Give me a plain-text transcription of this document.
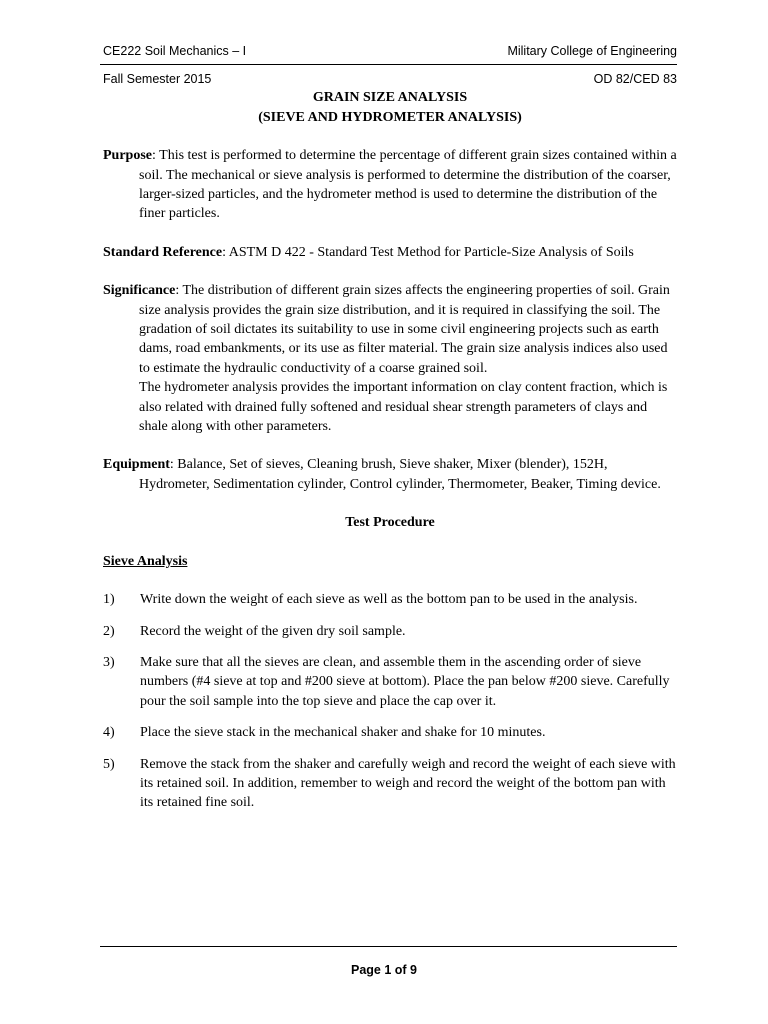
CE222 Soil Mechanics – I	Military College of Engineering
Fall Semester 2015	OD 82/CED 83

GRAIN SIZE ANALYSIS

(SIEVE AND HYDROMETER ANALYSIS)

Purpose: This test is performed to determine the percentage of different grain sizes contained within a soil. The mechanical or sieve analysis is performed to determine the distribution of the coarser, larger-sized particles, and the hydrometer method is used to determine the distribution of the finer particles.

Standard Reference: ASTM D 422 - Standard Test Method for Particle-Size Analysis of Soils

Significance: The distribution of different grain sizes affects the engineering properties of soil. Grain size analysis provides the grain size distribution, and it is required in classifying the soil. The gradation of soil dictates its suitability to use in some civil engineering projects such as earth dams, road embankments, or its use as filter material. The grain size analysis indices also used to estimate the hydraulic conductivity of a coarse grained soil.
The hydrometer analysis provides the important information on clay content fraction, which is also related with drained fully softened and residual shear strength parameters of clays and shale along with other parameters.

Equipment: Balance, Set of sieves, Cleaning brush, Sieve shaker, Mixer (blender), 152H, Hydrometer, Sedimentation cylinder, Control cylinder, Thermometer, Beaker, Timing device.

Test Procedure

Sieve Analysis

1) Write down the weight of each sieve as well as the bottom pan to be used in the analysis.
2) Record the weight of the given dry soil sample.
3) Make sure that all the sieves are clean, and assemble them in the ascending order of sieve numbers (#4 sieve at top and #200 sieve at bottom). Place the pan below #200 sieve. Carefully pour the soil sample into the top sieve and place the cap over it.
4) Place the sieve stack in the mechanical shaker and shake for 10 minutes.
5) Remove the stack from the shaker and carefully weigh and record the weight of each sieve with its retained soil. In addition, remember to weigh and record the weight of the bottom pan with its retained fine soil.
Page 1 of 9
